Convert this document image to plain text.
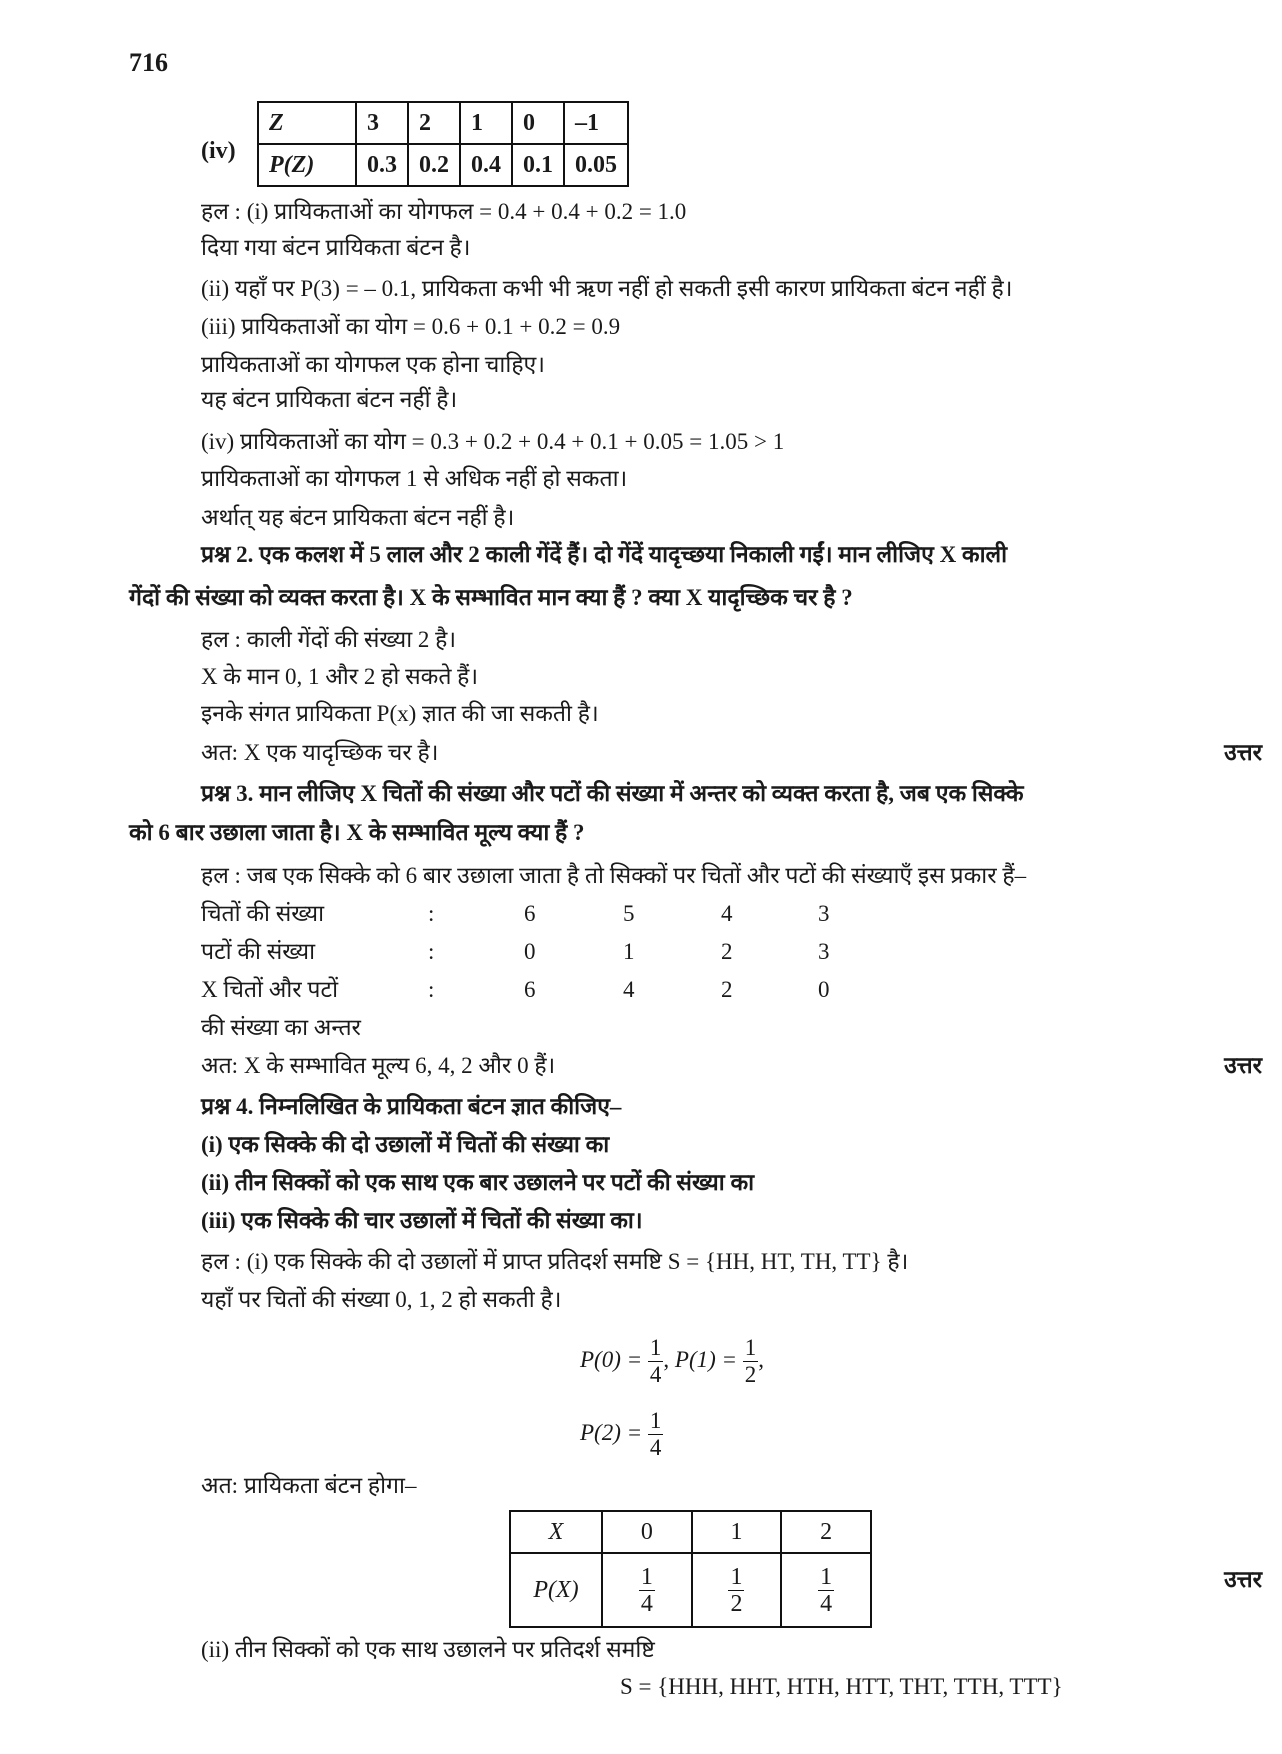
716
(iv)
Z	3	2	1	0	–1
P(Z)	0.3	0.2	0.4	0.1	0.05
हल : (i) प्रायिकताओं का योगफल = 0.4 + 0.4 + 0.2 = 1.0
दिया गया बंटन प्रायिकता बंटन है।
(ii) यहाँ पर P(3) = – 0.1, प्रायिकता कभी भी ऋण नहीं हो सकती इसी कारण प्रायिकता बंटन नहीं है।
(iii) प्रायिकताओं का योग = 0.6 + 0.1 + 0.2 = 0.9
प्रायिकताओं का योगफल एक होना चाहिए।
यह बंटन प्रायिकता बंटन नहीं है।
(iv) प्रायिकताओं का योग = 0.3 + 0.2 + 0.4 + 0.1 + 0.05 = 1.05 > 1
प्रायिकताओं का योगफल 1 से अधिक नहीं हो सकता।
अर्थात् यह बंटन प्रायिकता बंटन नहीं है।
प्रश्न 2. एक कलश में 5 लाल और 2 काली गेंदें हैं। दो गेंदें यादृच्छया निकाली गईं। मान लीजिए X काली
गेंदों की संख्या को व्यक्त करता है। X के सम्भावित मान क्या हैं ? क्या X यादृच्छिक चर है ?
हल : काली गेंदों की संख्या 2 है।
X के मान 0, 1 और 2 हो सकते हैं।
इनके संगत प्रायिकता P(x) ज्ञात की जा सकती है।
अत: X एक यादृच्छिक चर है।	उत्तर
प्रश्न 3. मान लीजिए X चितों की संख्या और पटों की संख्या में अन्तर को व्यक्त करता है, जब एक सिक्के
को 6 बार उछाला जाता है। X के सम्भावित मूल्य क्या हैं ?
हल : जब एक सिक्के को 6 बार उछाला जाता है तो सिक्कों पर चितों और पटों की संख्याएँ इस प्रकार हैं–
चितों की संख्या	:	6	5	4	3
पटों की संख्या	:	0	1	2	3
X चितों और पटों	:	6	4	2	0
की संख्या का अन्तर
अत: X के सम्भावित मूल्य 6, 4, 2 और 0 हैं।	उत्तर
प्रश्न 4. निम्नलिखित के प्रायिकता बंटन ज्ञात कीजिए–
(i) एक सिक्के की दो उछालों में चितों की संख्या का
(ii) तीन सिक्कों को एक साथ एक बार उछालने पर पटों की संख्या का
(iii) एक सिक्के की चार उछालों में चितों की संख्या का।
हल : (i) एक सिक्के की दो उछालों में प्राप्त प्रतिदर्श समष्टि S = {HH, HT, TH, TT} है।
यहाँ पर चितों की संख्या 0, 1, 2 हो सकती है।
$P(0) = \frac{1}{4}$ , $P(1) = \frac{1}{2}$ ,
$P(2) = \frac{1}{4}$
अत: प्रायिकता बंटन होगा–
X	0	1	2
P(X)	$\frac{1}{4}$	$\frac{1}{2}$	$\frac{1}{4}$	उत्तर
(ii) तीन सिक्कों को एक साथ उछालने पर प्रतिदर्श समष्टि
S = {HHH, HHT, HTH, HTT, THT, TTH, TTT}
